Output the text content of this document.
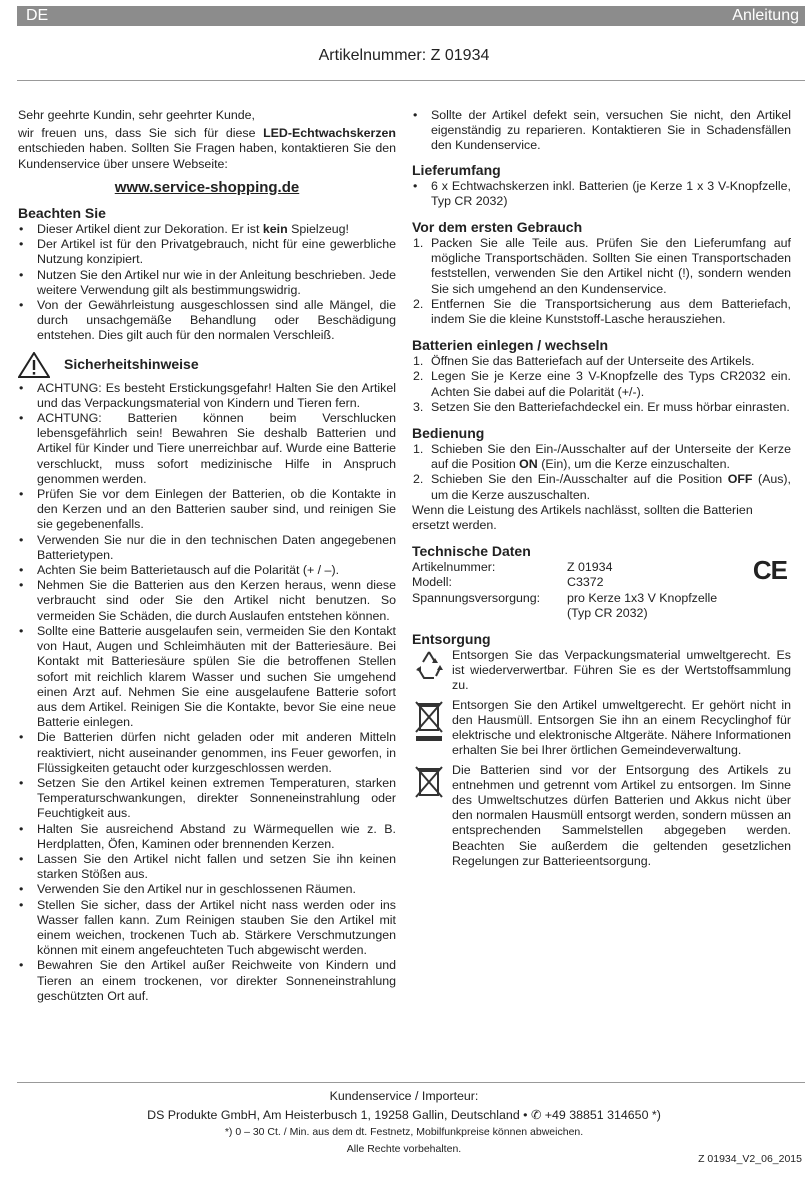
DE	Anleitung
Artikelnummer: Z 01934

Sehr geehrte Kundin, sehr geehrter Kunde,

wir freuen uns, dass Sie sich für diese LED-Echtwachskerzen entschieden haben. Sollten Sie Fragen haben, kontaktieren Sie den Kundenservice über unsere Webseite:

www.service-shopping.de
Beachten Sie
• Dieser Artikel dient zur Dekoration. Er ist kein Spielzeug!
• Der Artikel ist für den Privatgebrauch, nicht für eine gewerbliche Nutzung konzipiert.
• Nutzen Sie den Artikel nur wie in der Anleitung beschrieben. Jede weitere Verwendung gilt als bestimmungswidrig.
• Von der Gewährleistung ausgeschlossen sind alle Mängel, die durch unsachgemäße Behandlung oder Beschädigung entstehen. Dies gilt auch für den normalen Verschleiß.
Sicherheitshinweise
• ACHTUNG: Es besteht Erstickungsgefahr! Halten Sie den Artikel und das Verpackungsmaterial von Kindern und Tieren fern.
• ACHTUNG: Batterien können beim Verschlucken lebensgefährlich sein! Bewahren Sie deshalb Batterien und Artikel für Kinder und Tiere unerreichbar auf. Wurde eine Batterie verschluckt, muss sofort medizinische Hilfe in Anspruch genommen werden.
• Prüfen Sie vor dem Einlegen der Batterien, ob die Kontakte in den Kerzen und an den Batterien sauber sind, und reinigen Sie sie gegebenenfalls.
• Verwenden Sie nur die in den technischen Daten angegebenen Batterietypen.
• Achten Sie beim Batterietausch auf die Polarität (+ / –).
• Nehmen Sie die Batterien aus den Kerzen heraus, wenn diese verbraucht sind oder Sie den Artikel nicht benutzen. So vermeiden Sie Schäden, die durch Auslaufen entstehen können.
• Sollte eine Batterie ausgelaufen sein, vermeiden Sie den Kontakt von Haut, Augen und Schleimhäuten mit der Batteriesäure. Bei Kontakt mit Batteriesäure spülen Sie die betroffenen Stellen sofort mit reichlich klarem Wasser und suchen Sie umgehend einen Arzt auf. Nehmen Sie eine ausgelaufene Batterie sofort aus dem Artikel. Reinigen Sie die Kontakte, bevor Sie eine neue Batterie einlegen.
• Die Batterien dürfen nicht geladen oder mit anderen Mitteln reaktiviert, nicht auseinander genommen, ins Feuer geworfen, in Flüssigkeiten getaucht oder kurzgeschlossen werden.
• Setzen Sie den Artikel keinen extremen Temperaturen, starken Temperaturschwankungen, direkter Sonneneinstrahlung oder Feuchtigkeit aus.
• Halten Sie ausreichend Abstand zu Wärmequellen wie z. B. Herdplatten, Öfen, Kaminen oder brennenden Kerzen.
• Lassen Sie den Artikel nicht fallen und setzen Sie ihn keinen starken Stößen aus.
• Verwenden Sie den Artikel nur in geschlossenen Räumen.
• Stellen Sie sicher, dass der Artikel nicht nass werden oder ins Wasser fallen kann. Zum Reinigen stauben Sie den Artikel mit einem weichen, trockenen Tuch ab. Stärkere Verschmutzungen können mit einem angefeuchteten Tuch abgewischt werden.
• Bewahren Sie den Artikel außer Reichweite von Kindern und Tieren an einem trockenen, vor direkter Sonneneinstrahlung geschützten Ort auf.
• Sollte der Artikel defekt sein, versuchen Sie nicht, den Artikel eigenständig zu reparieren. Kontaktieren Sie in Schadensfällen den Kundenservice.
Lieferumfang
• 6 x Echtwachskerzen inkl. Batterien (je Kerze 1 x 3 V-Knopfzelle, Typ CR 2032)
Vor dem ersten Gebrauch
1. Packen Sie alle Teile aus. Prüfen Sie den Lieferumfang auf mögliche Transportschäden. Sollten Sie einen Transportschaden feststellen, verwenden Sie den Artikel nicht (!), sondern wenden Sie sich umgehend an den Kundenservice.
2. Entfernen Sie die Transportsicherung aus dem Batteriefach, indem Sie die kleine Kunststoff-Lasche herausziehen.
Batterien einlegen / wechseln
1. Öffnen Sie das Batteriefach auf der Unterseite des Artikels.
2. Legen Sie je Kerze eine 3 V-Knopfzelle des Typs CR2032 ein. Achten Sie dabei auf die Polarität (+/-).
3. Setzen Sie den Batteriefachdeckel ein. Er muss hörbar einrasten.
Bedienung
1. Schieben Sie den Ein-/Ausschalter auf der Unterseite der Kerze auf die Position ON (Ein), um die Kerze einzuschalten.
2. Schieben Sie den Ein-/Ausschalter auf die Position OFF (Aus), um die Kerze auszuschalten.

Wenn die Leistung des Artikels nachlässt, sollten die Batterien ersetzt werden.

Technische Daten
Artikelnummer:	Z 01934
Modell:	C3372
Spannungsversorgung:	pro Kerze 1x3 V Knopfzelle
(Typ CR 2032)
CE
Entsorgung
Entsorgen Sie das Verpackungsmaterial umweltgerecht. Es ist wiederverwertbar. Führen Sie es der Wertstoffsammlung zu.
Entsorgen Sie den Artikel umweltgerecht. Er gehört nicht in den Hausmüll. Entsorgen Sie ihn an einem Recyclinghof für elektrische und elektronische Altgeräte. Nähere Informationen erhalten Sie bei Ihrer örtlichen Gemeindeverwaltung.
Die Batterien sind vor der Entsorgung des Artikels zu entnehmen und getrennt vom Artikel zu entsorgen. Im Sinne des Umweltschutzes dürfen Batterien und Akkus nicht über den normalen Hausmüll entsorgt werden, sondern müssen an entsprechenden Sammelstellen abgegeben werden. Beachten Sie außerdem die geltenden gesetzlichen Regelungen zur Batterieentsorgung.
Kundenservice / Importeur:
DS Produkte GmbH, Am Heisterbusch 1, 19258 Gallin, Deutschland • ✆ +49 38851 314650 *)
*) 0 – 30 Ct. / Min. aus dem dt. Festnetz, Mobilfunkpreise können abweichen.
Alle Rechte vorbehalten.
Z 01934_V2_06_2015
